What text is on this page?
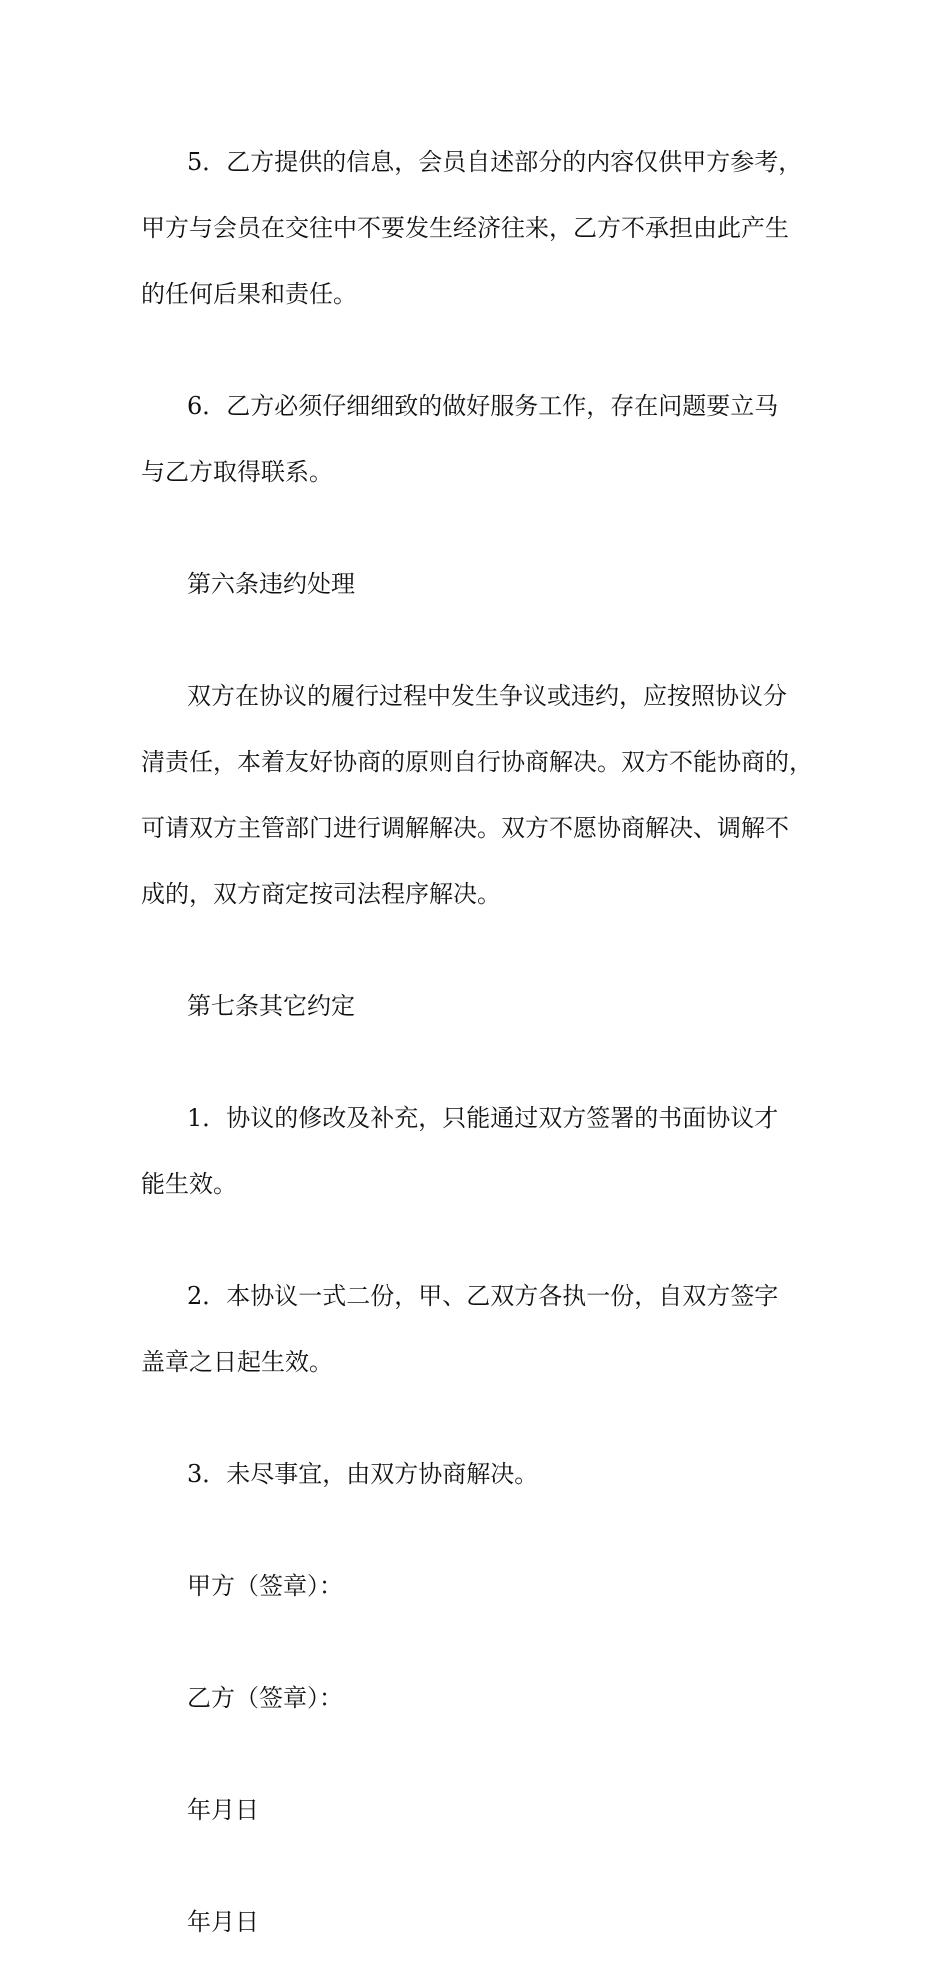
5．乙方提供的信息，会员自述部分的内容仅供甲方参考，

甲方与会员在交往中不要发生经济往来，乙方不承担由此产生

的任何后果和责任。

6．乙方必须仔细细致的做好服务工作，存在问题要立马

与乙方取得联系。

第六条违约处理

双方在协议的履行过程中发生争议或违约，应按照协议分

清责任，本着友好协商的原则自行协商解决。双方不能协商的，

可请双方主管部门进行调解解决。双方不愿协商解决、调解不

成的，双方商定按司法程序解决。

第七条其它约定

1．协议的修改及补充，只能通过双方签署的书面协议才

能生效。

2．本协议一式二份，甲、乙双方各执一份，自双方签字

盖章之日起生效。

3．未尽事宜，由双方协商解决。

甲方（签章）：

乙方（签章）：

年月日

年月日
